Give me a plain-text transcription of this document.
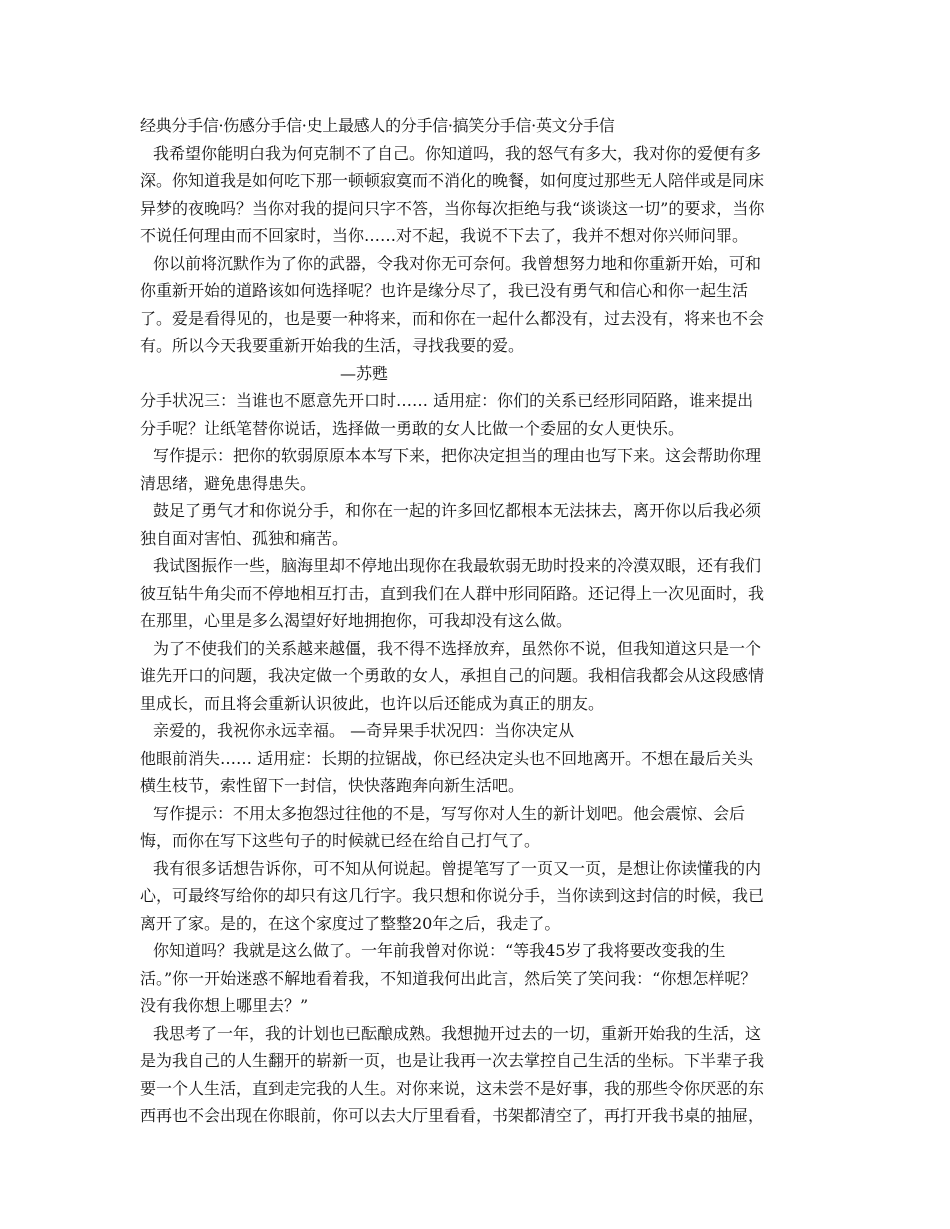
经典分手信·伤感分手信·史上最感人的分手信·搞笑分手信·英文分手信
我希望你能明白我为何克制不了自己。你知道吗，我的怒气有多大，我对你的爱便有多
深。你知道我是如何吃下那一顿顿寂寞而不消化的晚餐，如何度过那些无人陪伴或是同床
异梦的夜晚吗？当你对我的提问只字不答，当你每次拒绝与我“谈谈这一切”的要求，当你
不说任何理由而不回家时，当你……对不起，我说不下去了，我并不想对你兴师问罪。
你以前将沉默作为了你的武器，令我对你无可奈何。我曾想努力地和你重新开始，可和
你重新开始的道路该如何选择呢？也许是缘分尽了，我已没有勇气和信心和你一起生活
了。爱是看得见的，也是要一种将来，而和你在一起什么都没有，过去没有，将来也不会
有。所以今天我要重新开始我的生活，寻找我要的爱。
—苏甦
分手状况三：当谁也不愿意先开口时…… 适用症：你们的关系已经形同陌路，谁来提出
分手呢？让纸笔替你说话，选择做一勇敢的女人比做一个委屈的女人更快乐。
写作提示：把你的软弱原原本本写下来，把你决定担当的理由也写下来。这会帮助你理
清思绪，避免患得患失。
鼓足了勇气才和你说分手，和你在一起的许多回忆都根本无法抹去，离开你以后我必须
独自面对害怕、孤独和痛苦。
我试图振作一些，脑海里却不停地出现你在我最软弱无助时投来的冷漠双眼，还有我们
彼互钻牛角尖而不停地相互打击，直到我们在人群中形同陌路。还记得上一次见面时，我
在那里，心里是多么渴望好好地拥抱你，可我却没有这么做。
为了不使我们的关系越来越僵，我不得不选择放弃，虽然你不说，但我知道这只是一个
谁先开口的问题，我决定做一个勇敢的女人，承担自己的问题。我相信我都会从这段感情
里成长，而且将会重新认识彼此，也许以后还能成为真正的朋友。
亲爱的，我祝你永远幸福。 —奇异果手状况四：当你决定从
他眼前消失…… 适用症：长期的拉锯战，你已经决定头也不回地离开。不想在最后关头
横生枝节，索性留下一封信，快快落跑奔向新生活吧。
写作提示：不用太多抱怨过往他的不是，写写你对人生的新计划吧。他会震惊、会后
悔，而你在写下这些句子的时候就已经在给自己打气了。
我有很多话想告诉你，可不知从何说起。曾提笔写了一页又一页，是想让你读懂我的内
心，可最终写给你的却只有这几行字。我只想和你说分手，当你读到这封信的时候，我已
离开了家。是的，在这个家度过了整整20年之后，我走了。
你知道吗？我就是这么做了。一年前我曾对你说：“等我45岁了我将要改变我的生
活。”你一开始迷惑不解地看着我，不知道我何出此言，然后笑了笑问我：“你想怎样呢？
没有我你想上哪里去？”
我思考了一年，我的计划也已酝酿成熟。我想抛开过去的一切，重新开始我的生活，这
是为我自己的人生翻开的崭新一页，也是让我再一次去掌控自己生活的坐标。下半辈子我
要一个人生活，直到走完我的人生。对你来说，这未尝不是好事，我的那些令你厌恶的东
西再也不会出现在你眼前，你可以去大厅里看看，书架都清空了，再打开我书桌的抽屉，
